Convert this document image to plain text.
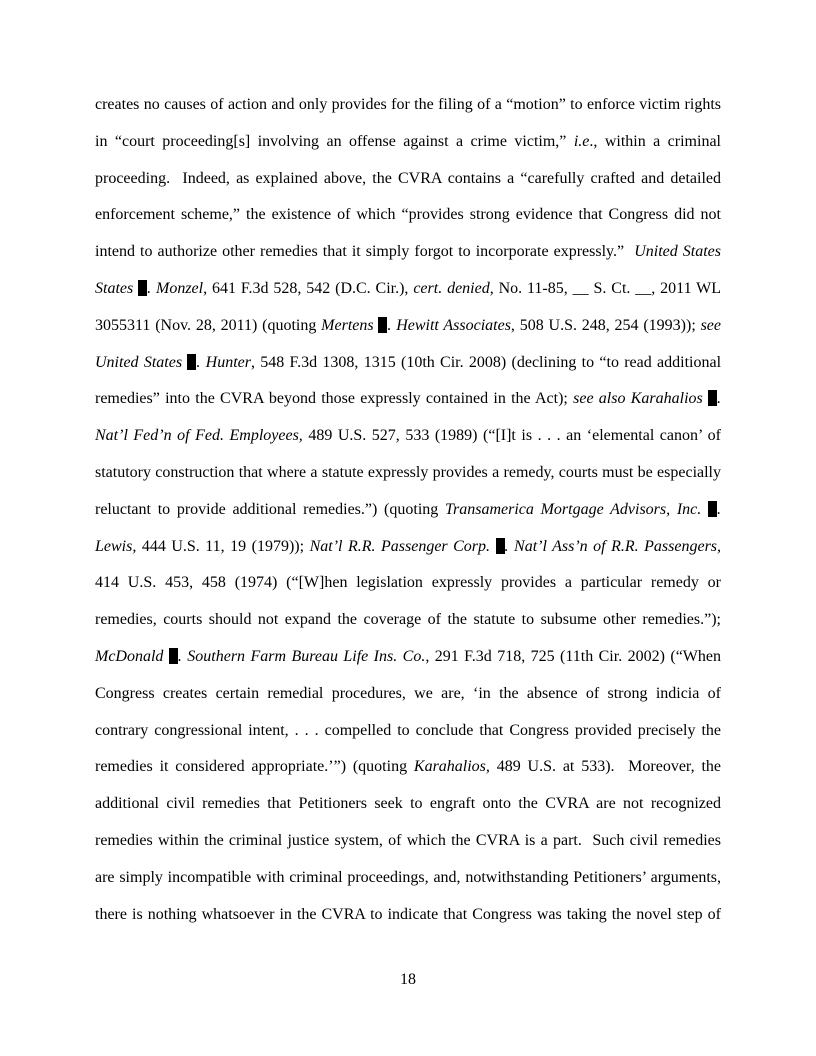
creates no causes of action and only provides for the filing of a “motion” to enforce victim rights
in “court proceeding[s] involving an offense against a crime victim,” i.e., within a criminal
proceeding.  Indeed, as explained above, the CVRA contains a “carefully crafted and detailed
enforcement scheme,” the existence of which “provides strong evidence that Congress did not
intend to authorize other remedies that it simply forgot to incorporate expressly.”  United States
States . Monzel, 641 F.3d 528, 542 (D.C. Cir.), cert. denied, No. 11-85, __ S. Ct. __, 2011 WL
3055311 (Nov. 28, 2011) (quoting Mertens . Hewitt Associates, 508 U.S. 248, 254 (1993)); see
United States . Hunter, 548 F.3d 1308, 1315 (10th Cir. 2008) (declining to “to read additional
remedies” into the CVRA beyond those expressly contained in the Act); see also Karahalios .
Nat’l Fed’n of Fed. Employees, 489 U.S. 527, 533 (1989) (“[I]t is . . . an ‘elemental canon’ of
statutory construction that where a statute expressly provides a remedy, courts must be especially
reluctant to provide additional remedies.”) (quoting Transamerica Mortgage Advisors, Inc. .
Lewis, 444 U.S. 11, 19 (1979)); Nat’l R.R. Passenger Corp. . Nat’l Ass’n of R.R. Passengers,
414 U.S. 453, 458 (1974) (“[W]hen legislation expressly provides a particular remedy or
remedies, courts should not expand the coverage of the statute to subsume other remedies.”);
McDonald . Southern Farm Bureau Life Ins. Co., 291 F.3d 718, 725 (11th Cir. 2002) (“When
Congress creates certain remedial procedures, we are, ‘in the absence of strong indicia of
contrary congressional intent, . . . compelled to conclude that Congress provided precisely the
remedies it considered appropriate.’”) (quoting Karahalios, 489 U.S. at 533).  Moreover, the
additional civil remedies that Petitioners seek to engraft onto the CVRA are not recognized
remedies within the criminal justice system, of which the CVRA is a part.  Such civil remedies
are simply incompatible with criminal proceedings, and, notwithstanding Petitioners’ arguments,
there is nothing whatsoever in the CVRA to indicate that Congress was taking the novel step of
18
